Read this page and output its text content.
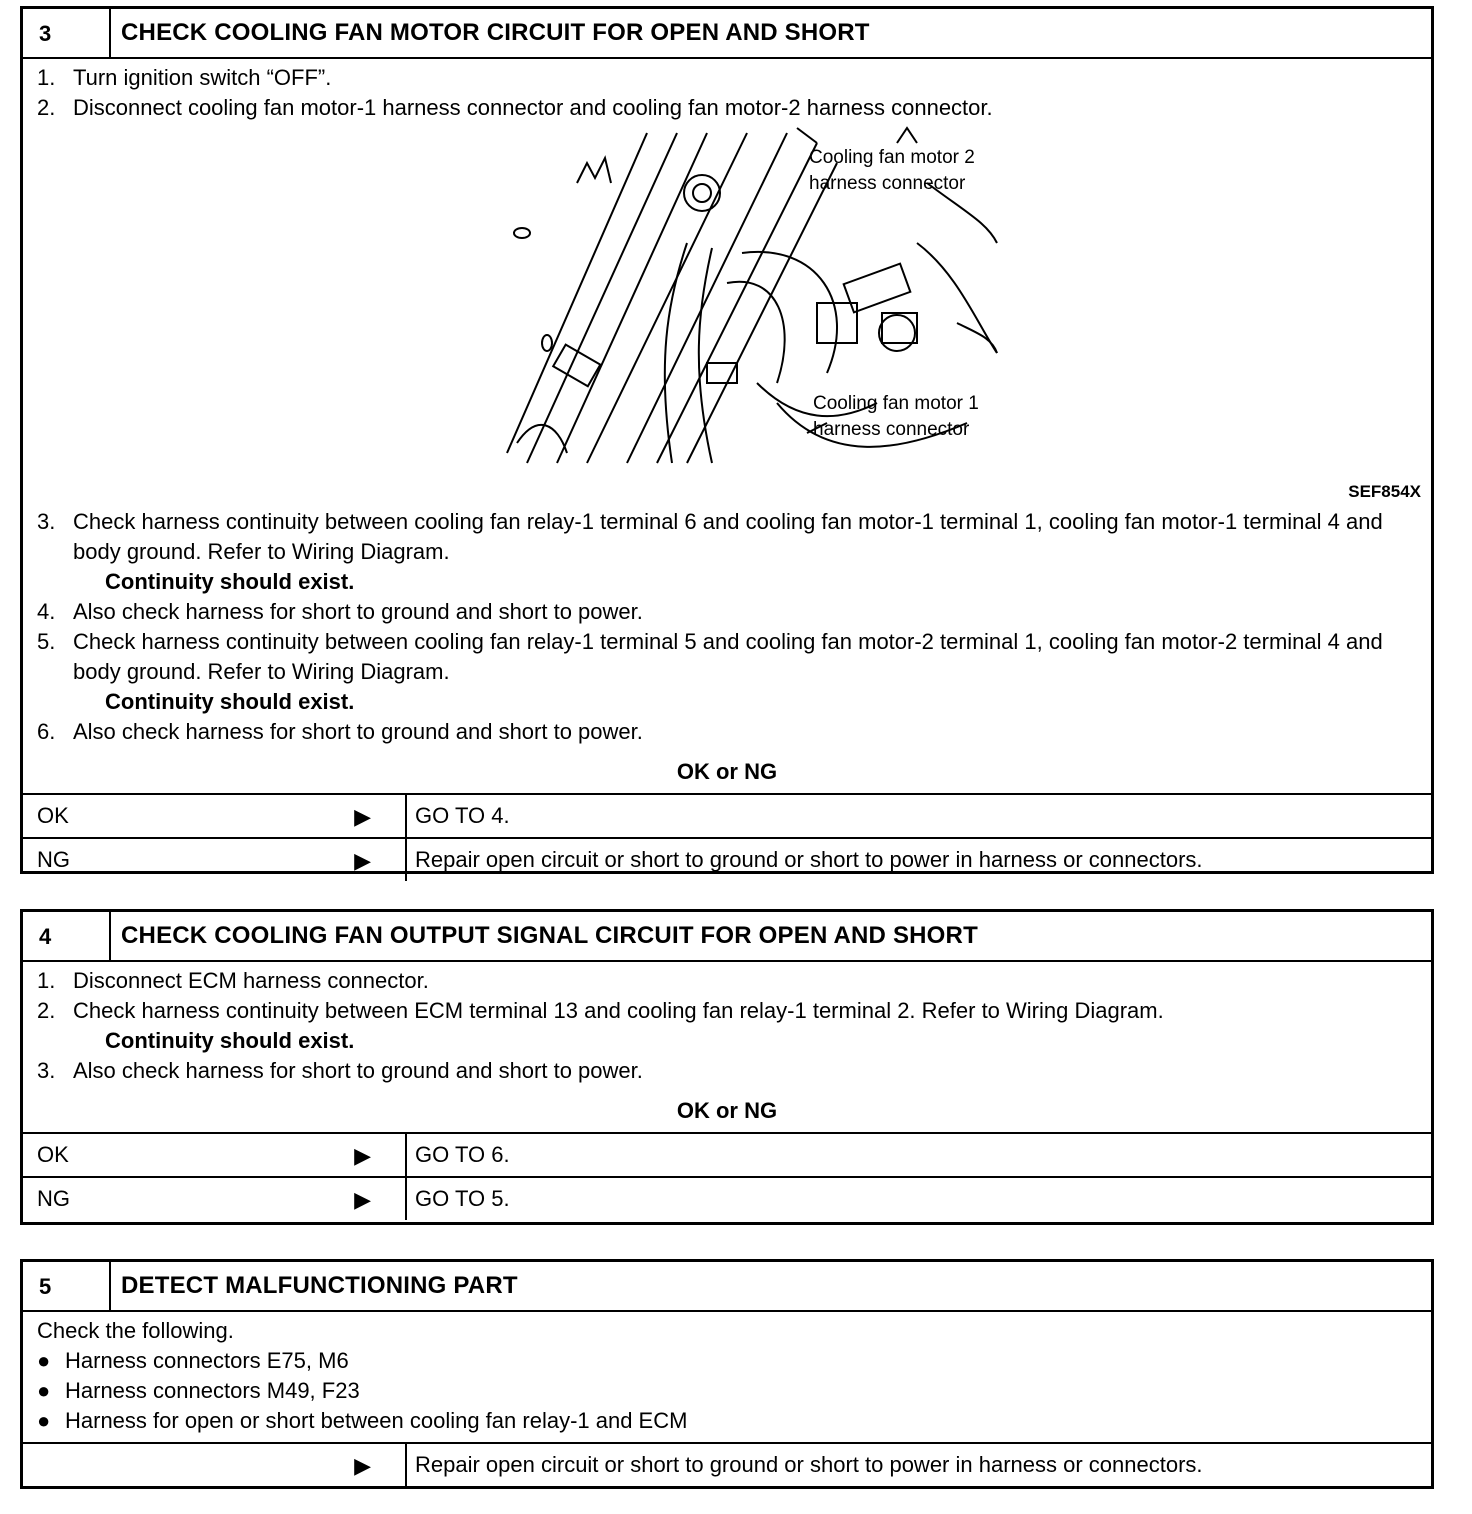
3	CHECK COOLING FAN MOTOR CIRCUIT FOR OPEN AND SHORT
1. Turn ignition switch “OFF”.
2. Disconnect cooling fan motor-1 harness connector and cooling fan motor-2 harness connector.
Cooling fan motor 2
harness connector
Cooling fan motor 1
harness connector
SEF854X
3. Check harness continuity between cooling fan relay-1 terminal 6 and cooling fan motor-1 terminal 1, cooling fan motor-1 terminal 4 and body ground. Refer to Wiring Diagram.
Continuity should exist.
4. Also check harness for short to ground and short to power.
5. Check harness continuity between cooling fan relay-1 terminal 5 and cooling fan motor-2 terminal 1, cooling fan motor-2 terminal 4 and body ground. Refer to Wiring Diagram.
Continuity should exist.
6. Also check harness for short to ground and short to power.
OK or NG
OK	▶	GO TO 4.
NG	▶	Repair open circuit or short to ground or short to power in harness or connectors.
4	CHECK COOLING FAN OUTPUT SIGNAL CIRCUIT FOR OPEN AND SHORT
1. Disconnect ECM harness connector.
2. Check harness continuity between ECM terminal 13 and cooling fan relay-1 terminal 2. Refer to Wiring Diagram.
Continuity should exist.
3. Also check harness for short to ground and short to power.
OK or NG
OK	▶	GO TO 6.
NG	▶	GO TO 5.
5	DETECT MALFUNCTIONING PART
Check the following.
● Harness connectors E75, M6
● Harness connectors M49, F23
● Harness for open or short between cooling fan relay-1 and ECM
▶	Repair open circuit or short to ground or short to power in harness or connectors.
